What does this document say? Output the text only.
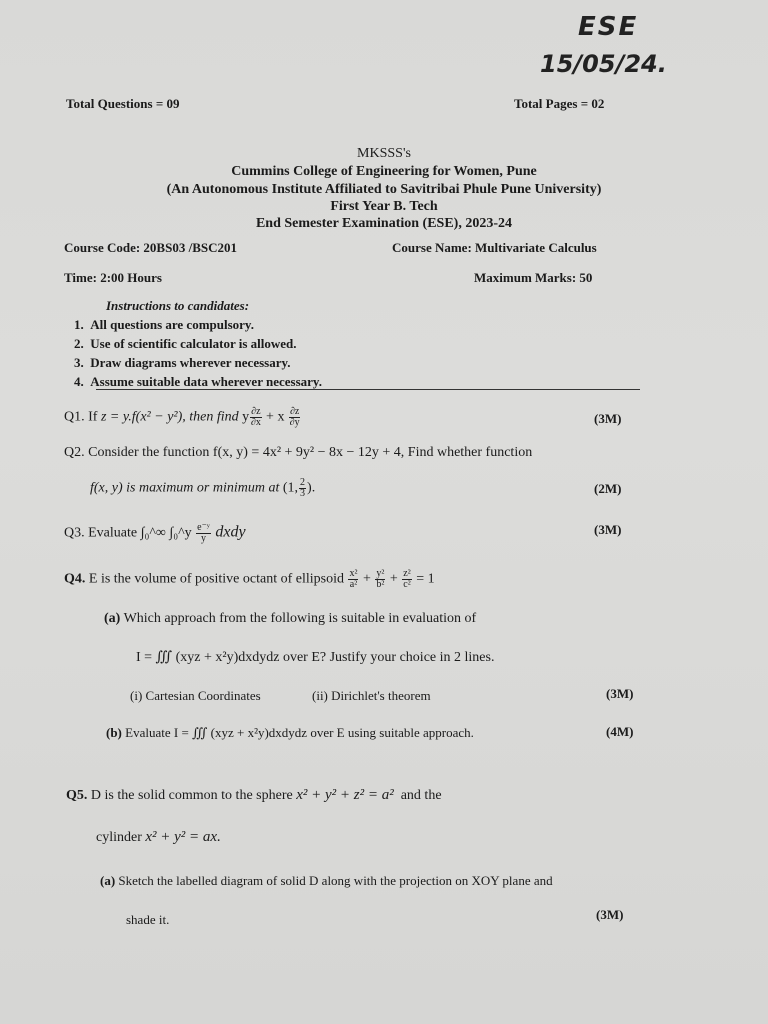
ESE
15/05/24.
Total Questions = 09	Total Pages = 02
MKSSS's
Cummins College of Engineering for Women, Pune
(An Autonomous Institute Affiliated to Savitribai Phule Pune University)
First Year B. Tech
End Semester Examination (ESE), 2023-24
Course Code: 20BS03 /BSC201	Course Name: Multivariate Calculus
Time: 2:00 Hours	Maximum Marks: 50
Instructions to candidates:
1. All questions are compulsory.
2. Use of scientific calculator is allowed.
3. Draw diagrams wherever necessary.
4. Assume suitable data wherever necessary.
Q1. If z = y.f(x² − y²), then find y $\frac{\partial z}{\partial x} + x \frac{\partial z}{\partial y}$	(3M)
Q2. Consider the function f(x, y) = 4x² + 9y² − 8x − 12y + 4, Find whether function
f(x, y) is maximum or minimum at (1, $\frac{2}{3}$ ).	(2M)
Q3. Evaluate ∫₀^∞ ∫₀^y $\frac{\text{e⁻ʸ}}{y}$ dxdy	(3M)
Q4. E is the volume of positive octant of ellipsoid $\frac{\text{x²}}{\text{a²}} + \frac{\text{y²}}{\text{b²}} + \frac{\text{z²}}{\text{c²}} = 1$
(a) Which approach from the following is suitable in evaluation of
I = ∭ (xyz + x²y)dxdydz over E? Justify your choice in 2 lines.
(i) Cartesian Coordinates	(ii) Dirichlet's theorem	(3M)
(b) Evaluate I = ∭ (xyz + x²y)dxdydz over E using suitable approach.	(4M)
Q5. D is the solid common to the sphere x² + y² + z² = a² and the
cylinder x² + y² = ax.
(a) Sketch the labelled diagram of solid D along with the projection on XOY plane and
shade it.	(3M)
